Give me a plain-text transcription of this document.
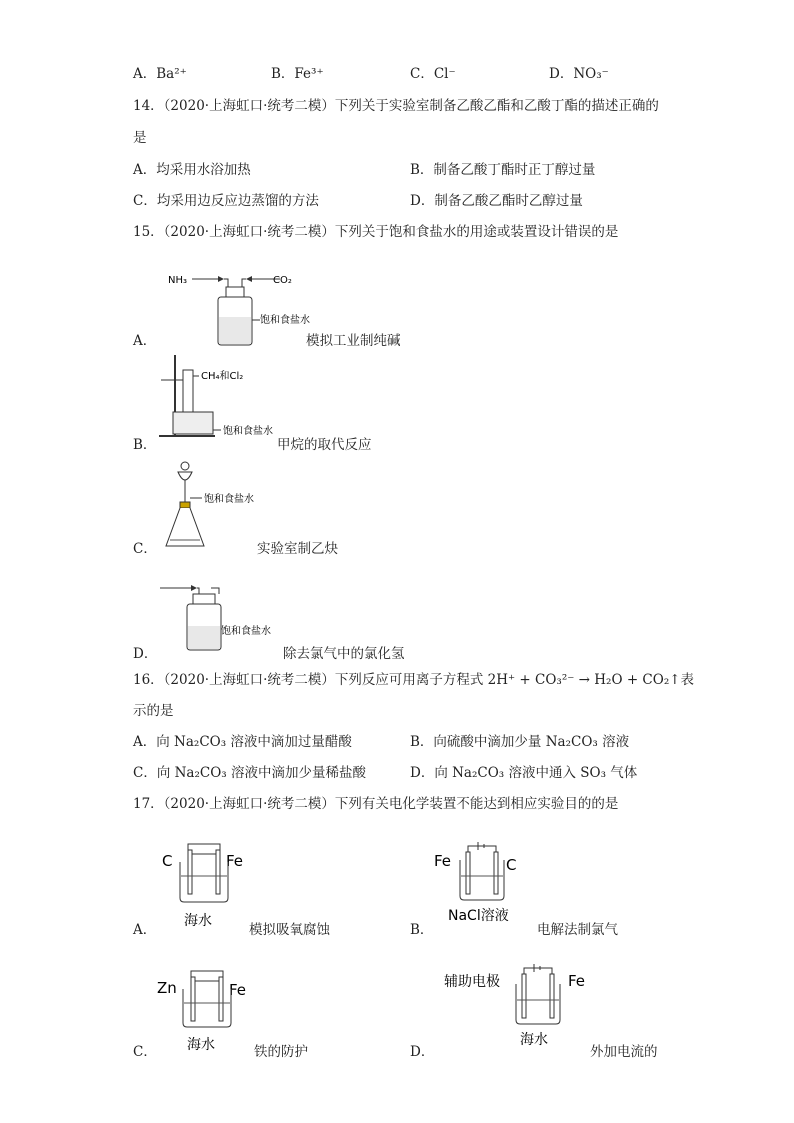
A．Ba²⁺	B．Fe³⁺	C．Cl⁻	D．NO₃⁻
14．（2020·上海虹口·统考二模）下列关于实验室制备乙酸乙酯和乙酸丁酯的描述正确的
是
A．均采用水浴加热	B．制备乙酸丁酯时正丁醇过量
C．均采用边反应边蒸馏的方法	D．制备乙酸乙酯时乙醇过量
15．（2020·上海虹口·统考二模）下列关于饱和食盐水的用途或装置设计错误的是
NH₃	CO₂
饱和食盐水
A．	模拟工业制纯碱
CH₄和Cl₂
饱和食盐水
B．	甲烷的取代反应
饱和食盐水
C．	实验室制乙炔
饱和食盐水
D．	除去氯气中的氯化氢
16．（2020·上海虹口·统考二模）下列反应可用离子方程式 2H⁺ + CO₃²⁻ → H₂O + CO₂↑表
示的是
A．向 Na₂CO₃ 溶液中滴加过量醋酸	B．向硫酸中滴加少量 Na₂CO₃ 溶液
C．向 Na₂CO₃ 溶液中滴加少量稀盐酸	D．向 Na₂CO₃ 溶液中通入 SO₃ 气体
17．（2020·上海虹口·统考二模）下列有关电化学装置不能达到相应实验目的的是
C	Fe
海水
A．	模拟吸氧腐蚀
Fe	C
NaCl溶液
B．	电解法制氯气
Zn	Fe
海水
C．	铁的防护
辅助电极	Fe
海水
D．	外加电流的
